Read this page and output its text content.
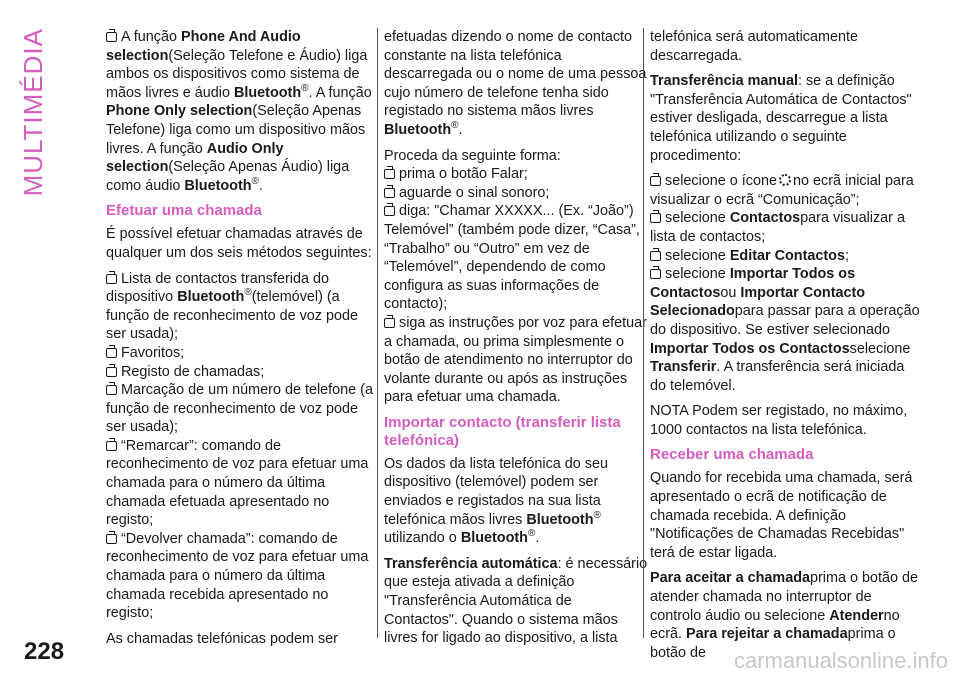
MULTIMÉDIA	A função Phone And Audio selection(Seleção Telefone e Áudio) liga ambos os dispositivos como sistema de mãos livres e áudio Bluetooth®. A função Phone Only selection(Seleção Apenas Telefone) liga como um dispositivo mãos livres. A função Audio Only selection(Seleção Apenas Áudio) liga como áudio Bluetooth®.
Efetuar uma chamada
É possível efetuar chamadas através de qualquer um dos seis métodos seguintes:
Lista de contactos transferida do dispositivo Bluetooth®(telemóvel) (a função de reconhecimento de voz pode ser usada);
Favoritos;
Registo de chamadas;
Marcação de um número de telefone (a função de reconhecimento de voz pode ser usada);
“Remarcar”: comando de reconhecimento de voz para efetuar uma chamada para o número da última chamada efetuada apresentado no registo;
“Devolver chamada”: comando de reconhecimento de voz para efetuar uma chamada para o número da última chamada recebida apresentado no registo;
As chamadas telefónicas podem ser
efetuadas dizendo o nome de contacto constante na lista telefónica descarregada ou o nome de uma pessoa cujo número de telefone tenha sido registado no sistema mãos livres Bluetooth®.
Proceda da seguinte forma:
prima o botão Falar;
aguarde o sinal sonoro;
diga: "Chamar XXXXX... (Ex. “João”) Telemóvel” (também pode dizer, “Casa”, “Trabalho” ou “Outro” em vez de “Telemóvel”, dependendo de como configura as suas informações de contacto);
siga as instruções por voz para efetuar a chamada, ou prima simplesmente o botão de atendimento no interruptor do volante durante ou após as instruções para efetuar uma chamada.
Importar contacto (transferir lista telefónica)
Os dados da lista telefónica do seu dispositivo (telemóvel) podem ser enviados e registados na sua lista telefónica mãos livres Bluetooth® utilizando o Bluetooth®.
Transferência automática: é necessário que esteja ativada a definição "Transferência Automática de Contactos". Quando o sistema mãos livres for ligado ao dispositivo, a lista
telefónica será automaticamente descarregada.
Transferência manual: se a definição "Transferência Automática de Contactos" estiver desligada, descarregue a lista telefónica utilizando o seguinte procedimento:
selecione o ícone no ecrã inicial para visualizar o ecrã “Comunicação”;
selecione Contactospara visualizar a lista de contactos;
selecione Editar Contactos;
selecione Importar Todos os Contactosou Importar Contacto Selecionadopara passar para a operação do dispositivo. Se estiver selecionado Importar Todos os Contactosselecione Transferir. A transferência será iniciada do telemóvel.
NOTA Podem ser registado, no máximo, 1000 contactos na lista telefónica.
Receber uma chamada
Quando for recebida uma chamada, será apresentado o ecrã de notificação de chamada recebida. A definição "Notificações de Chamadas Recebidas" terá de estar ligada.
Para aceitar a chamadaprima o botão de atender chamada no interruptor de controlo áudio ou selecione Atenderno ecrã. Para rejeitar a chamadaprima o botão de
228	carmanualsonline.info
